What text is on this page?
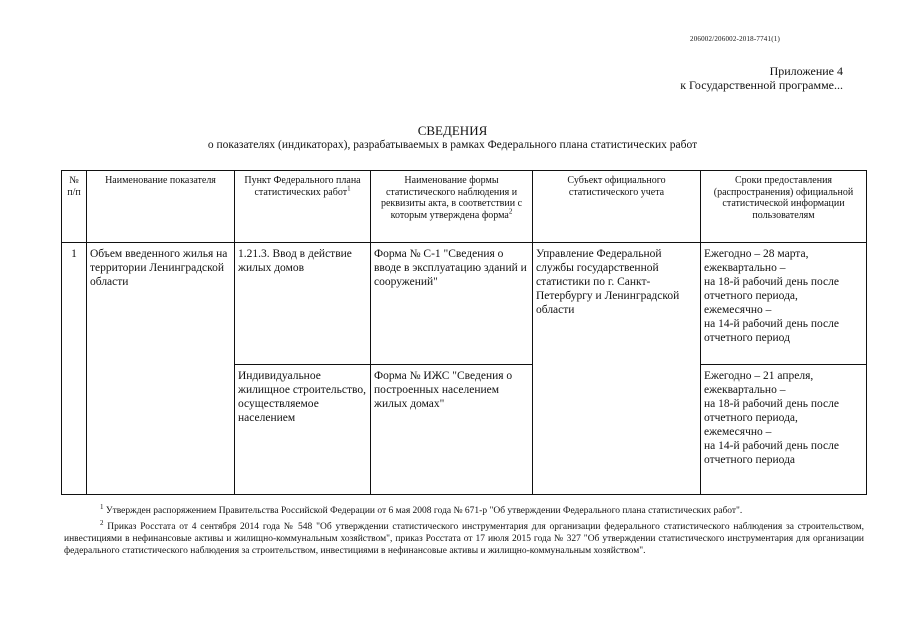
206002/206002-2018-7741(1)
Приложение 4
к Государственной программе...
СВЕДЕНИЯ
о показателях (индикаторах), разрабатываемых в рамках Федерального плана статистических работ
№
п/п	Наименование показателя	Пункт Федерального плана статистических работ$^1$	Наименование формы статистического наблюдения и реквизиты акта, в соответствии с которым утверждена форма$^2$	Субъект официального статистического учета	Сроки предоставления (распространения) официальной статистической информации пользователям
1	Объем введенного жилья на территории Ленинградской области	1.21.3. Ввод в действие жилых домов	Форма № С-1 "Сведения о вводе в эксплуатацию зданий и сооружений"	Управление Федеральной службы государственной статистики по г. Санкт-Петербургу и Ленинградской области	Ежегодно – 28 марта,
ежеквартально –
на 18-й рабочий день после отчетного периода,
ежемесячно –
на 14-й рабочий день после отчетного период

		Индивидуальное жилищное строительство, осуществляемое населением	Форма № ИЖС "Сведения о построенных населением жилых домах"		Ежегодно – 21 апреля,
ежеквартально –
на 18-й рабочий день после отчетного периода,
ежемесячно –
на 14-й рабочий день после отчетного периода

$^1$ Утвержден распоряжением Правительства Российской Федерации от 6 мая 2008 года № 671-р "Об утверждении Федерального плана статистических работ".

$^2$ Приказ Росстата от 4 сентября 2014 года № 548 "Об утверждении статистического инструментария для организации федерального статистического наблюдения за строительством, инвестициями в нефинансовые активы и жилищно-коммунальным хозяйством", приказ Росстата от 17 июля 2015 года № 327 "Об утверждении статистического инструментария для организации федерального статистического наблюдения за строительством, инвестициями в нефинансовые активы и жилищно-коммунальным хозяйством".
